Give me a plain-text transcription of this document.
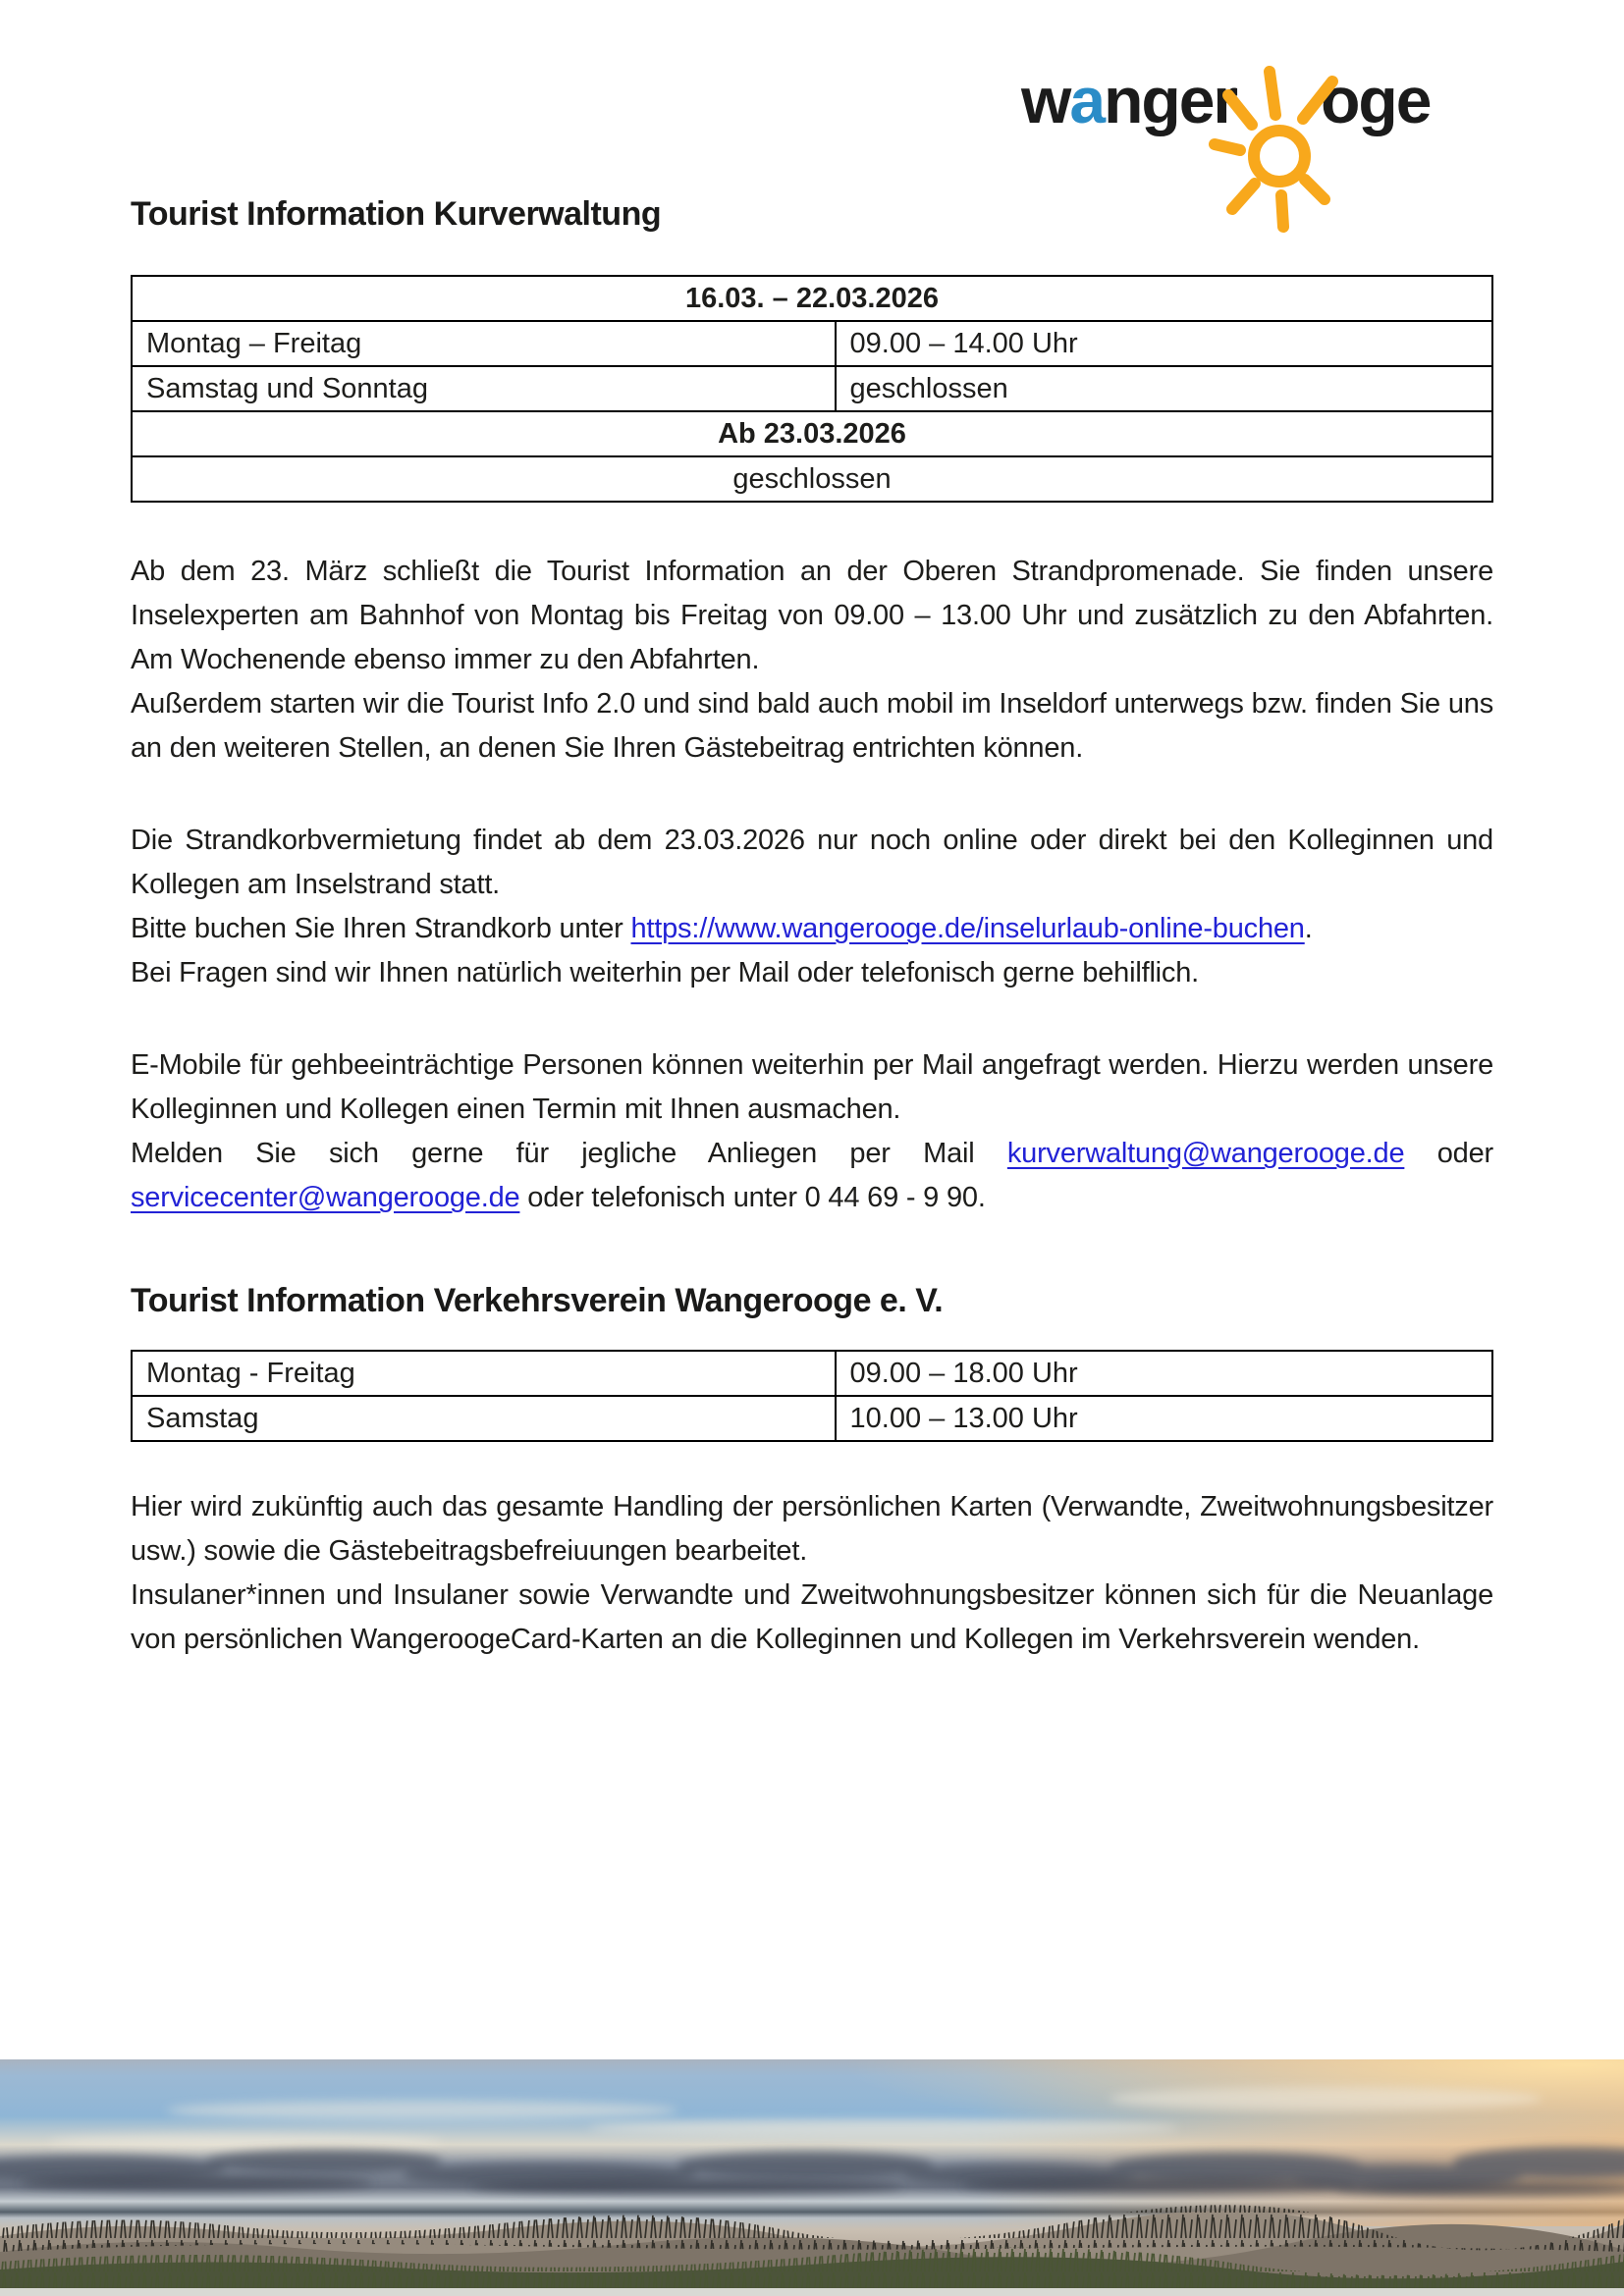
wanger oge
Tourist Information Kurverwaltung
16.03. – 22.03.2026	
Montag – Freitag	09.00 – 14.00 Uhr
Samstag und Sonntag	geschlossen
Ab 23.03.2026	
geschlossen	
Ab dem 23. März schließt die Tourist Information an der Oberen Strandpromenade. Sie finden unsere Inselexperten am Bahnhof von Montag bis Freitag von 09.00 – 13.00 Uhr und zusätzlich zu den Abfahrten. Am Wochenende ebenso immer zu den Abfahrten.
Außerdem starten wir die Tourist Info 2.0 und sind bald auch mobil im Inseldorf unterwegs bzw. finden Sie uns an den weiteren Stellen, an denen Sie Ihren Gästebeitrag entrichten können.
Die Strandkorbvermietung findet ab dem 23.03.2026 nur noch online oder direkt bei den Kolleginnen und Kollegen am Inselstrand statt.
Bitte buchen Sie Ihren Strandkorb unter https://www.wangerooge.de/inselurlaub-online-buchen.
Bei Fragen sind wir Ihnen natürlich weiterhin per Mail oder telefonisch gerne behilflich.
E-Mobile für gehbeeinträchtige Personen können weiterhin per Mail angefragt werden. Hierzu werden unsere Kolleginnen und Kollegen einen Termin mit Ihnen ausmachen.
Melden Sie sich gerne für jegliche Anliegen per Mail kurverwaltung@wangerooge.de oder servicecenter@wangerooge.de oder telefonisch unter 0 44 69 - 9 90.
Tourist Information Verkehrsverein Wangerooge e. V.
Montag - Freitag	09.00 – 18.00 Uhr
Samstag	10.00 – 13.00 Uhr
Hier wird zukünftig auch das gesamte Handling der persönlichen Karten (Verwandte, Zweitwohnungsbesitzer usw.) sowie die Gästebeitragsbefreiuungen bearbeitet.
Insulaner*innen und Insulaner sowie Verwandte und Zweitwohnungsbesitzer können sich für die Neuanlage von persönlichen WangeroogeCard-Karten an die Kolleginnen und Kollegen im Verkehrsverein wenden.
